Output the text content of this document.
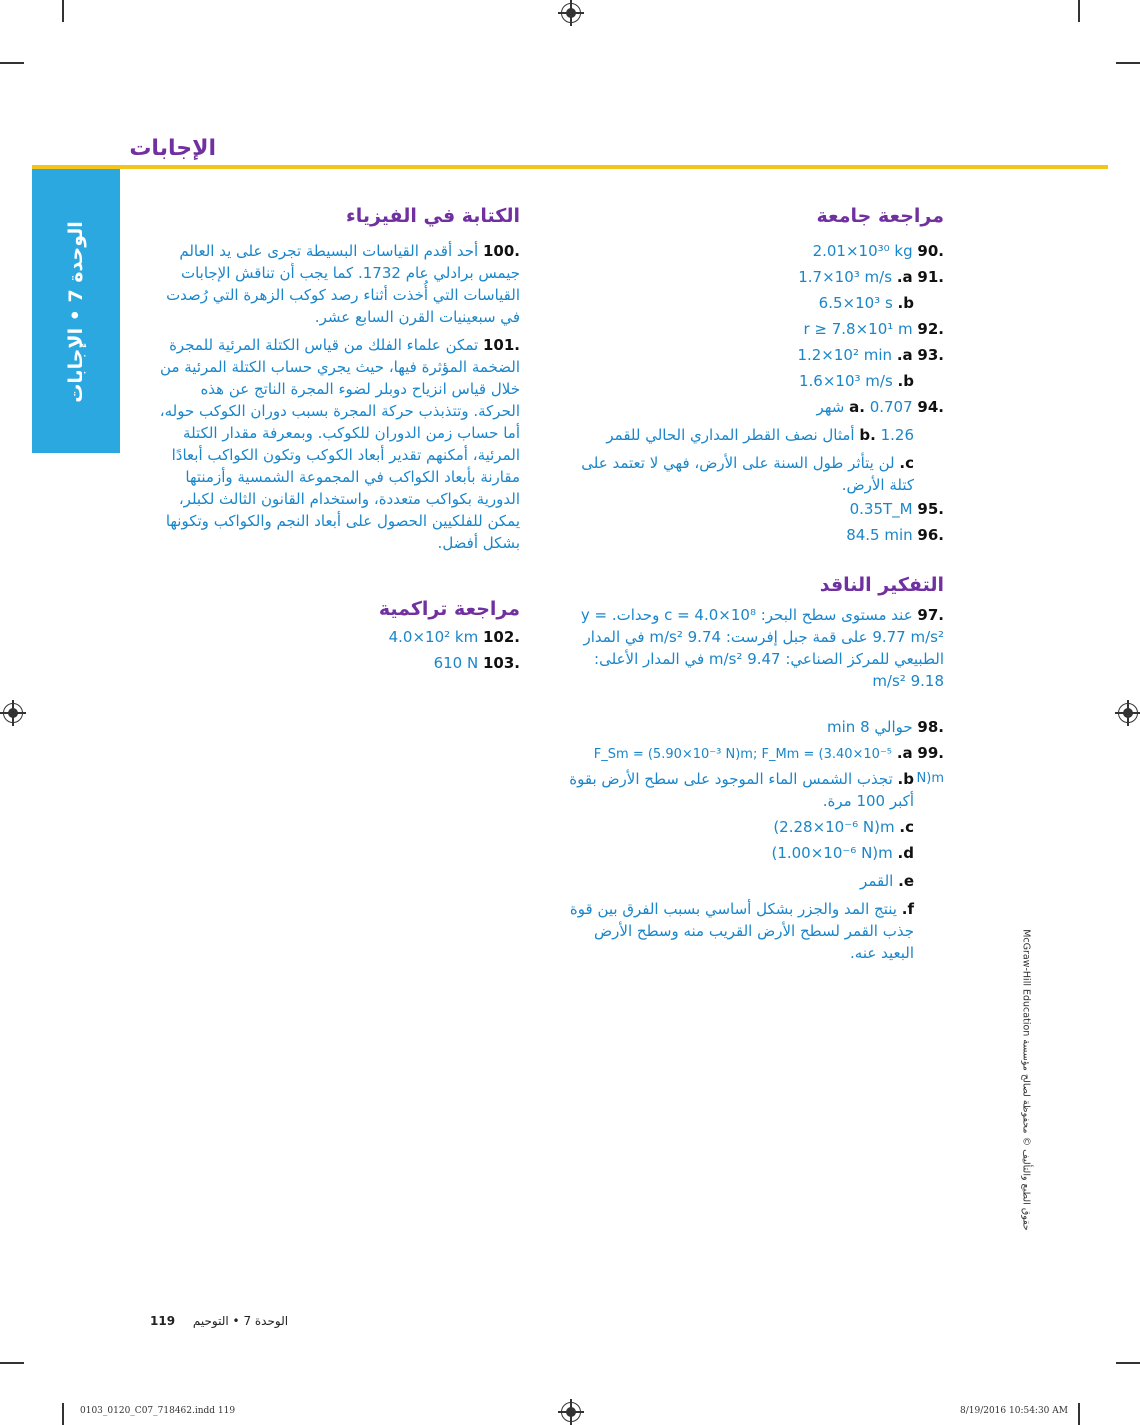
الإجابات
الوحدة 7 • الإجابات
مراجعة جامعة
.90 2.01×10³⁰ kg
.91 a. 1.7×10³ m/s
b. 6.5×10³ s
.92 r ≥ 7.8×10¹ m
.93 a. 1.2×10² min
b. 1.6×10³ m/s
.94 a. 0.707 شهر
b. 1.26 أمثال نصف القطر المداري الحالي للقمر
c. لن يتأثر طول السنة على الأرض، فهي لا تعتمد على كتلة الأرض.
.95 0.35T_M
.96 84.5 min
التفكير الناقد
.97 عند مستوى سطح البحر: c = 4.0×10⁸ وحدات. y = 9.77 m/s² على قمة جبل إفرست: 9.74 m/s² في المدار الطبيعي للمركز الصناعي: 9.47 m/s² في المدار الأعلى: 9.18 m/s²
.98 حوالي 8 min
.99 a. F_Sm = (5.90×10⁻³ N)m; F_Mm = (3.40×10⁻⁵ N)m
b. تجذب الشمس الماء الموجود على سطح الأرض بقوة أكبر 100 مرة.
c. (2.28×10⁻⁶ N)m
d. (1.00×10⁻⁶ N)m
e. القمر
f. ينتج المد والجزر بشكل أساسي بسبب الفرق بين قوة جذب القمر لسطح الأرض القريب منه وسطح الأرض البعيد عنه.
الكتابة في الفيزياء
.100 أحد أقدم القياسات البسيطة تجرى على يد العالم جيمس برادلي عام 1732. كما يجب أن تناقش الإجابات القياسات التي أُخذت أثناء رصد كوكب الزهرة التي رُصدت في سبعينيات القرن السابع عشر.
.101 تمكن علماء الفلك من قياس الكتلة المرئية للمجرة الضخمة المؤثرة فيها، حيث يجري حساب الكتلة المرئية من خلال قياس انزياح دوبلر لضوء المجرة الناتج عن هذه الحركة. وتتذبذب حركة المجرة بسبب دوران الكوكب حوله، أما حساب زمن الدوران للكوكب. وبمعرفة مقدار الكتلة المرئية، أمكنهم تقدير أبعاد الكوكب وتكون الكواكب أبعادًا مقارنة بأبعاد الكواكب في المجموعة الشمسية وأزمنتها الدورية بكواكب متعددة، واستخدام القانون الثالث لكبلر، يمكن للفلكيين الحصول على أبعاد النجم والكواكب وتكونها بشكل أفضل.
مراجعة تراكمية
.102 4.0×10² km
.103 610 N
حقوق الطبع والتأليف © محفوظة لصالح مؤسسة McGraw-Hill Education
119 الوحدة 7 • التوحيم
0103_0120_C07_718462.indd 119	8/19/2016 10:54:30 AM
